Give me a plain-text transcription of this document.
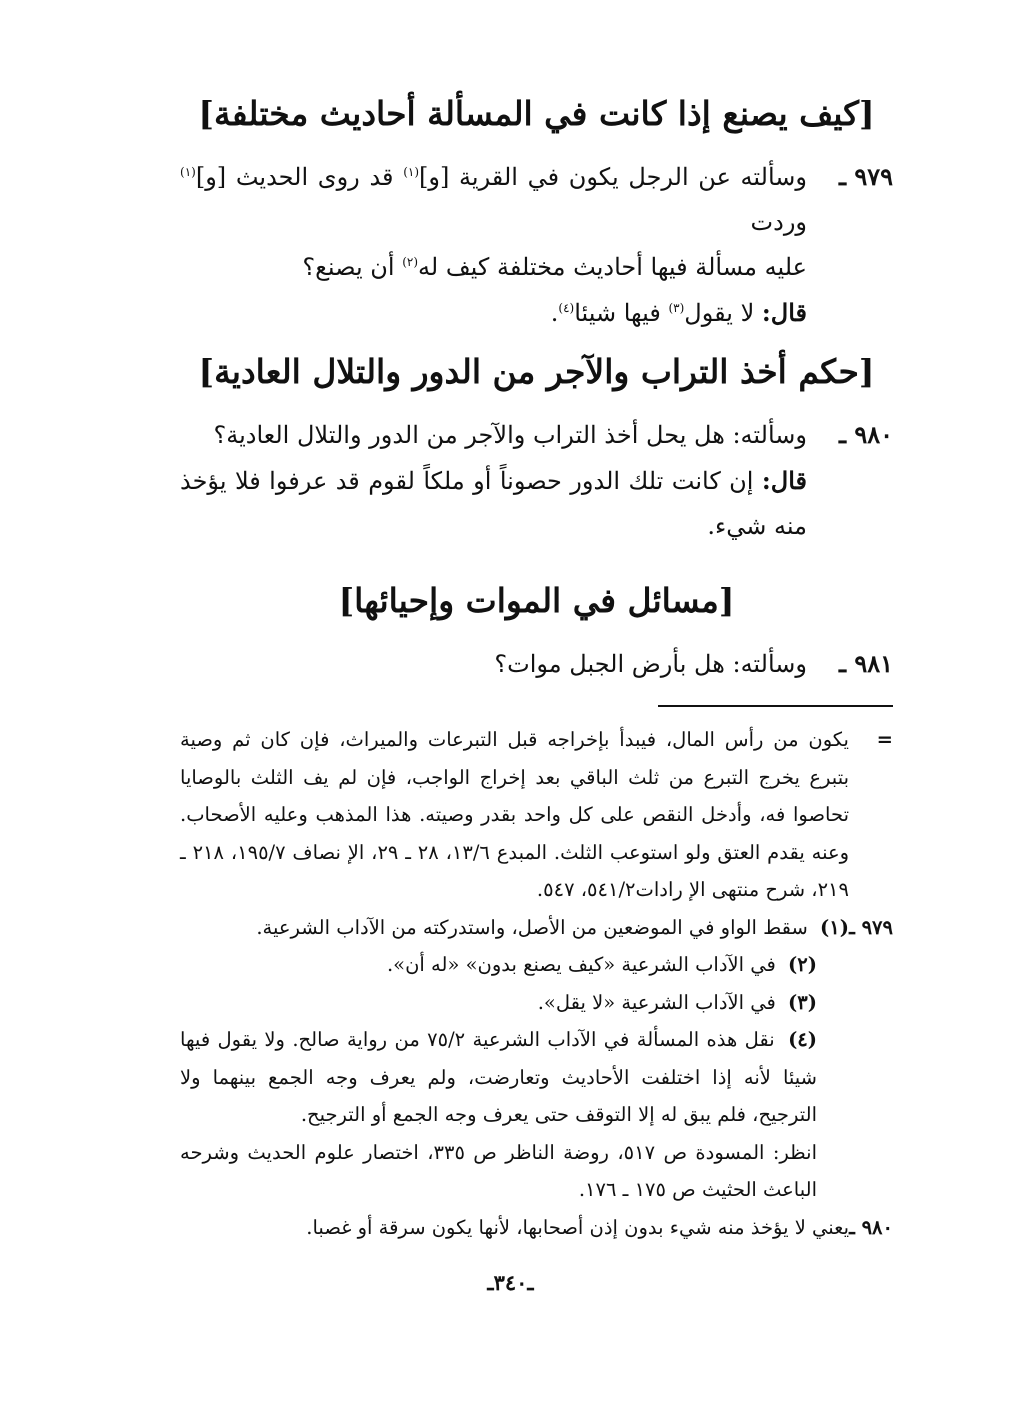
[كيف يصنع إذا كانت في المسألة أحاديث مختلفة]
٩٧٩ ـ
وسألته عن الرجل يكون في القرية [و]$^{(١)}$ قد روى الحديث [و]$^{(١)}$ وردت
عليه مسألة فيها أحاديث مختلفة كيف له$^{(٢)}$ أن يصنع؟
قال: لا يقول$^{(٣)}$ فيها شيئا$^{(٤)}$.
[حكم أخذ التراب والآجر من الدور والتلال العادية]
٩٨٠ ـ
وسألته: هل يحل أخذ التراب والآجر من الدور والتلال العادية؟
قال: إن كانت تلك الدور حصوناً أو ملكاً لقوم قد عرفوا فلا يؤخذ منه شيء.
[مسائل في الموات وإحيائها]
٩٨١ ـ
وسألته: هل بأرض الجبل موات؟
=
يكون من رأس المال، فيبدأ بإخراجه قبل التبرعات والميراث، فإن كان ثم وصية بتبرع يخرج التبرع من ثلث الباقي بعد إخراج الواجب، فإن لم يف الثلث بالوصايا تحاصوا فه، وأدخل النقص على كل واحد بقدر وصيته. هذا المذهب وعليه الأصحاب. وعنه يقدم العتق ولو استوعب الثلث. المبدع ١٣/٦، ٢٨ ـ ٢٩، الإ نصاف ١٩٥/٧، ٢١٨ ـ ٢١٩، شرح منتهى الإ رادات٥٤١/٢، ٥٤٧.
٩٧٩ ـ
(١) سقط الواو في الموضعين من الأصل، واستدركته من الآداب الشرعية.
(٢) في الآداب الشرعية «كيف يصنع بدون» «له أن».
(٣) في الآداب الشرعية «لا يقل».
(٤) نقل هذه المسألة في الآداب الشرعية ٧٥/٢ من رواية صالح. ولا يقول فيها شيئا لأنه إذا اختلفت الأحاديث وتعارضت، ولم يعرف وجه الجمع بينهما ولا الترجيح، فلم يبق له إلا التوقف حتى يعرف وجه الجمع أو الترجيح.
انظر: المسودة ص ٥١٧، روضة الناظر ص ٣٣٥، اختصار علوم الحديث وشرحه الباعث الحثيث ص ١٧٥ ـ ١٧٦.
٩٨٠ ـ
يعني لا يؤخذ منه شيء بدون إذن أصحابها، لأنها يكون سرقة أو غصبا.
ـ٣٤٠ـ
